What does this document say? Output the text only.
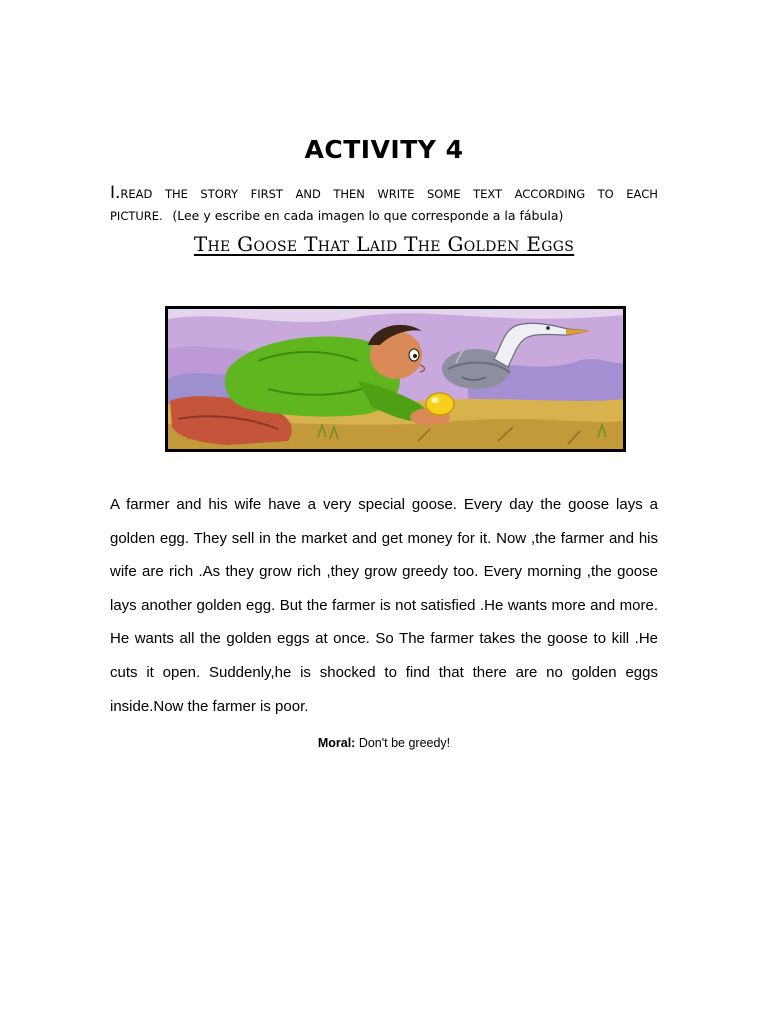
ACTIVITY 4
I.READ THE STORY FIRST AND THEN WRITE SOME TEXT ACCORDING TO EACH
PICTURE. (Lee y escribe en cada imagen lo que corresponde a la fábula)
The Goose That Laid The Golden Eggs
A farmer and his wife have a very special goose. Every day the goose lays a golden egg. They sell in the market and get money for it. Now ,the farmer and his wife are rich .As they grow rich ,they grow greedy too. Every morning ,the goose lays another golden egg. But the farmer is not satisfied .He wants more and more. He wants all the golden eggs at once. So The farmer takes the goose to kill .He cuts it open. Suddenly,he is shocked to find that there are no golden eggs inside.Now the farmer is poor.
Moral: Don't be greedy!
